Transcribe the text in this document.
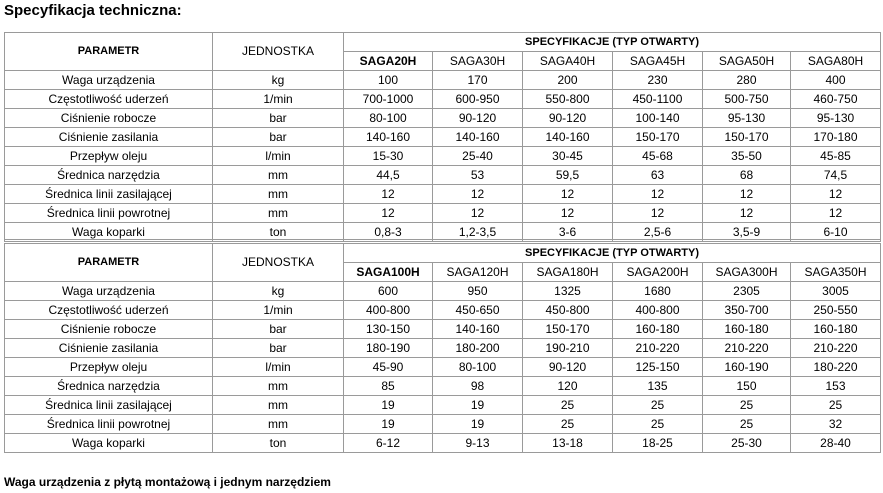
Specyfikacja techniczna:
PARAMETR	JEDNOSTKA	SPECYFIKACJE (TYP OTWARTY)					
		SAGA20H	SAGA30H	SAGA40H	SAGA45H	SAGA50H	SAGA80H
Waga urządzenia	kg	100	170	200	230	280	400
Częstotliwość uderzeń	1/min	700-1000	600-950	550-800	450-1100	500-750	460-750
Ciśnienie robocze	bar	80-100	90-120	90-120	100-140	95-130	95-130
Ciśnienie zasilania	bar	140-160	140-160	140-160	150-170	150-170	170-180
Przepływ oleju	l/min	15-30	25-40	30-45	45-68	35-50	45-85
Średnica narzędzia	mm	44,5	53	59,5	63	68	74,5
Średnica linii zasilającej	mm	12	12	12	12	12	12
Średnica linii powrotnej	mm	12	12	12	12	12	12
Waga koparki	ton	0,8-3	1,2-3,5	3-6	2,5-6	3,5-9	6-10
PARAMETR	JEDNOSTKA	SPECYFIKACJE (TYP OTWARTY)					
		SAGA100H	SAGA120H	SAGA180H	SAGA200H	SAGA300H	SAGA350H
Waga urządzenia	kg	600	950	1325	1680	2305	3005
Częstotliwość uderzeń	1/min	400-800	450-650	450-800	400-800	350-700	250-550
Ciśnienie robocze	bar	130-150	140-160	150-170	160-180	160-180	160-180
Ciśnienie zasilania	bar	180-190	180-200	190-210	210-220	210-220	210-220
Przepływ oleju	l/min	45-90	80-100	90-120	125-150	160-190	180-220
Średnica narzędzia	mm	85	98	120	135	150	153
Średnica linii zasilającej	mm	19	19	25	25	25	25
Średnica linii powrotnej	mm	19	19	25	25	25	32
Waga koparki	ton	6-12	9-13	13-18	18-25	25-30	28-40
Waga urządzenia z płytą montażową i jednym narzędziem
